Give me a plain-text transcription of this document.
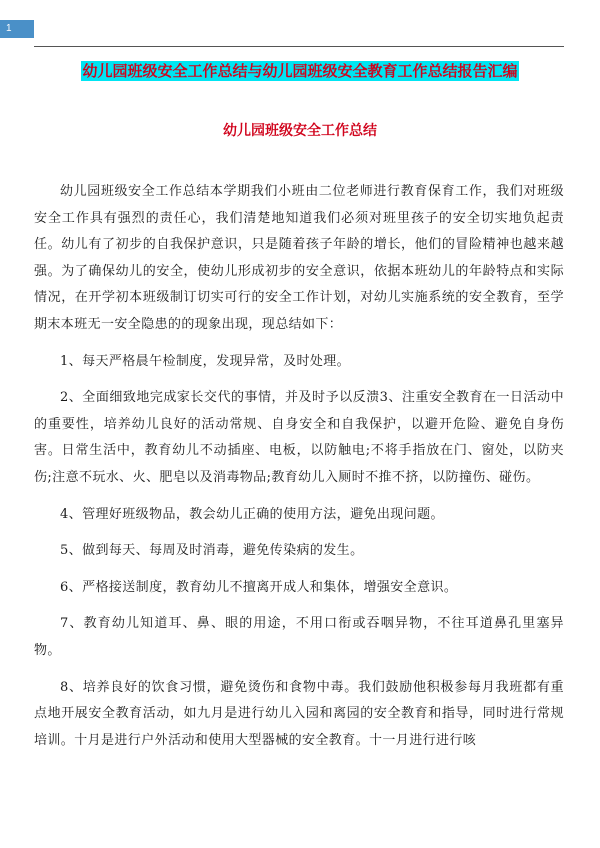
1
幼儿园班级安全工作总结与幼儿园班级安全教育工作总结报告汇编
幼儿园班级安全工作总结

幼儿园班级安全工作总结本学期我们小班由二位老师进行教育保育工作，我们对班级安全工作具有强烈的责任心，我们清楚地知道我们必须对班里孩子的安全切实地负起责任。幼儿有了初步的自我保护意识，只是随着孩子年龄的增长，他们的冒险精神也越来越强。为了确保幼儿的安全，使幼儿形成初步的安全意识，依据本班幼儿的年龄特点和实际情况，在开学初本班级制订切实可行的安全工作计划，对幼儿实施系统的安全教育，至学期末本班无一安全隐患的的现象出现，现总结如下：

1、每天严格晨午检制度，发现异常，及时处理。

2、全面细致地完成家长交代的事情，并及时予以反溃3、注重安全教育在一日活动中的重要性，培养幼儿良好的活动常规、自身安全和自我保护，以避开危险、避免自身伤害。日常生活中，教育幼儿不动插座、电板，以防触电;不将手指放在门、窗处，以防夹伤;注意不玩水、火、肥皂以及消毒物品;教育幼儿入厕时不推不挤，以防撞伤、碰伤。

4、管理好班级物品，教会幼儿正确的使用方法，避免出现问题。

5、做到每天、每周及时消毒，避免传染病的发生。

6、严格接送制度，教育幼儿不擅离开成人和集体，增强安全意识。

7、教育幼儿知道耳、鼻、眼的用途，不用口衔或吞咽异物，不往耳道鼻孔里塞异物。

8、培养良好的饮食习惯，避免烫伤和食物中毒。我们鼓励他积极参每月我班都有重点地开展安全教育活动，如九月是进行幼儿入园和离园的安全教育和指导，同时进行常规培训。十月是进行户外活动和使用大型器械的安全教育。十一月进行进行咳
